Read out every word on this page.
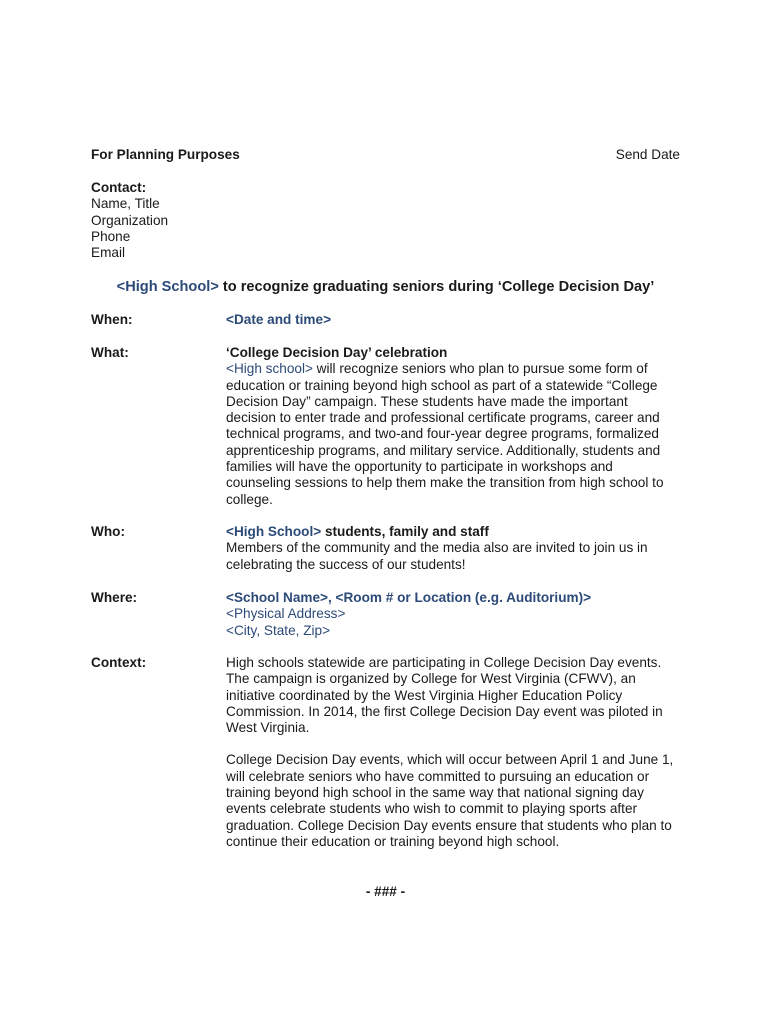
For Planning Purposes	Send Date
Contact:
Name, Title
Organization
Phone
Email
<High School> to recognize graduating seniors during ‘College Decision Day’
When:	<Date and time>
What:	‘College Decision Day’ celebration

<High school> will recognize seniors who plan to pursue some form of education or training beyond high school as part of a statewide “College Decision Day” campaign. These students have made the important decision to enter trade and professional certificate programs, career and technical programs, and two-and four-year degree programs, formalized apprenticeship programs, and military service. Additionally, students and families will have the opportunity to participate in workshops and counseling sessions to help them make the transition from high school to college.

Who:	<High School> students, family and staff

Members of the community and the media also are invited to join us in celebrating the success of our students!

Where:	<School Name>, <Room # or Location (e.g. Auditorium)>

<Physical Address>

<City, State, Zip>

Context:	High schools statewide are participating in College Decision Day events. The campaign is organized by College for West Virginia (CFWV), an initiative coordinated by the West Virginia Higher Education Policy Commission. In 2014, the first College Decision Day event was piloted in West Virginia.

College Decision Day events, which will occur between April 1 and June 1, will celebrate seniors who have committed to pursuing an education or training beyond high school in the same way that national signing day events celebrate students who wish to commit to playing sports after graduation. College Decision Day events ensure that students who plan to continue their education or training beyond high school.

- ### -
